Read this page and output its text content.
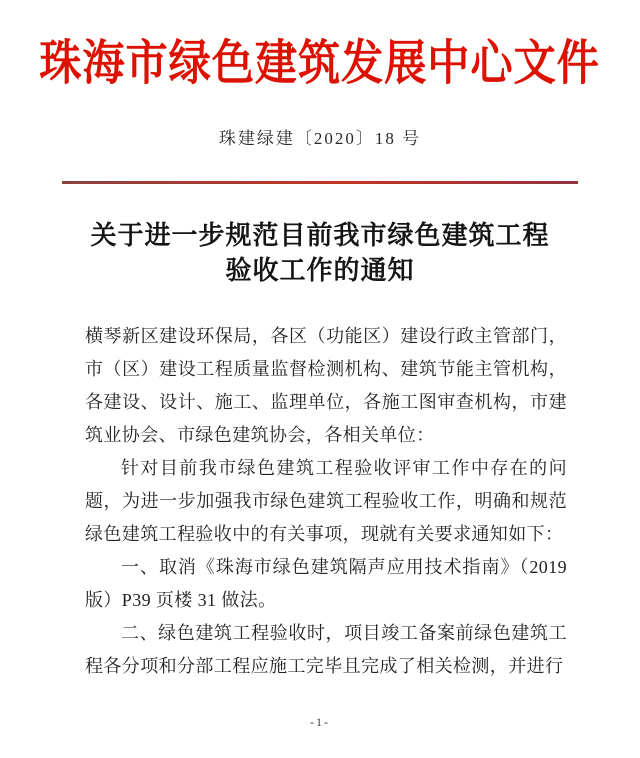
珠海市绿色建筑发展中心文件
珠建绿建〔2020〕18 号
关于进一步规范目前我市绿色建筑工程
验收工作的通知

横琴新区建设环保局，各区（功能区）建设行政主管部门，市（区）建设工程质量监督检测机构、建筑节能主管机构，各建设、设计、施工、监理单位，各施工图审查机构，市建筑业协会、市绿色建筑协会，各相关单位：

针对目前我市绿色建筑工程验收评审工作中存在的问题，为进一步加强我市绿色建筑工程验收工作，明确和规范绿色建筑工程验收中的有关事项，现就有关要求通知如下：

一、取消《珠海市绿色建筑隔声应用技术指南》（2019版）P39 页楼 31 做法。

二、绿色建筑工程验收时，项目竣工备案前绿色建筑工程各分项和分部工程应施工完毕且完成了相关检测，并进行

-1-
